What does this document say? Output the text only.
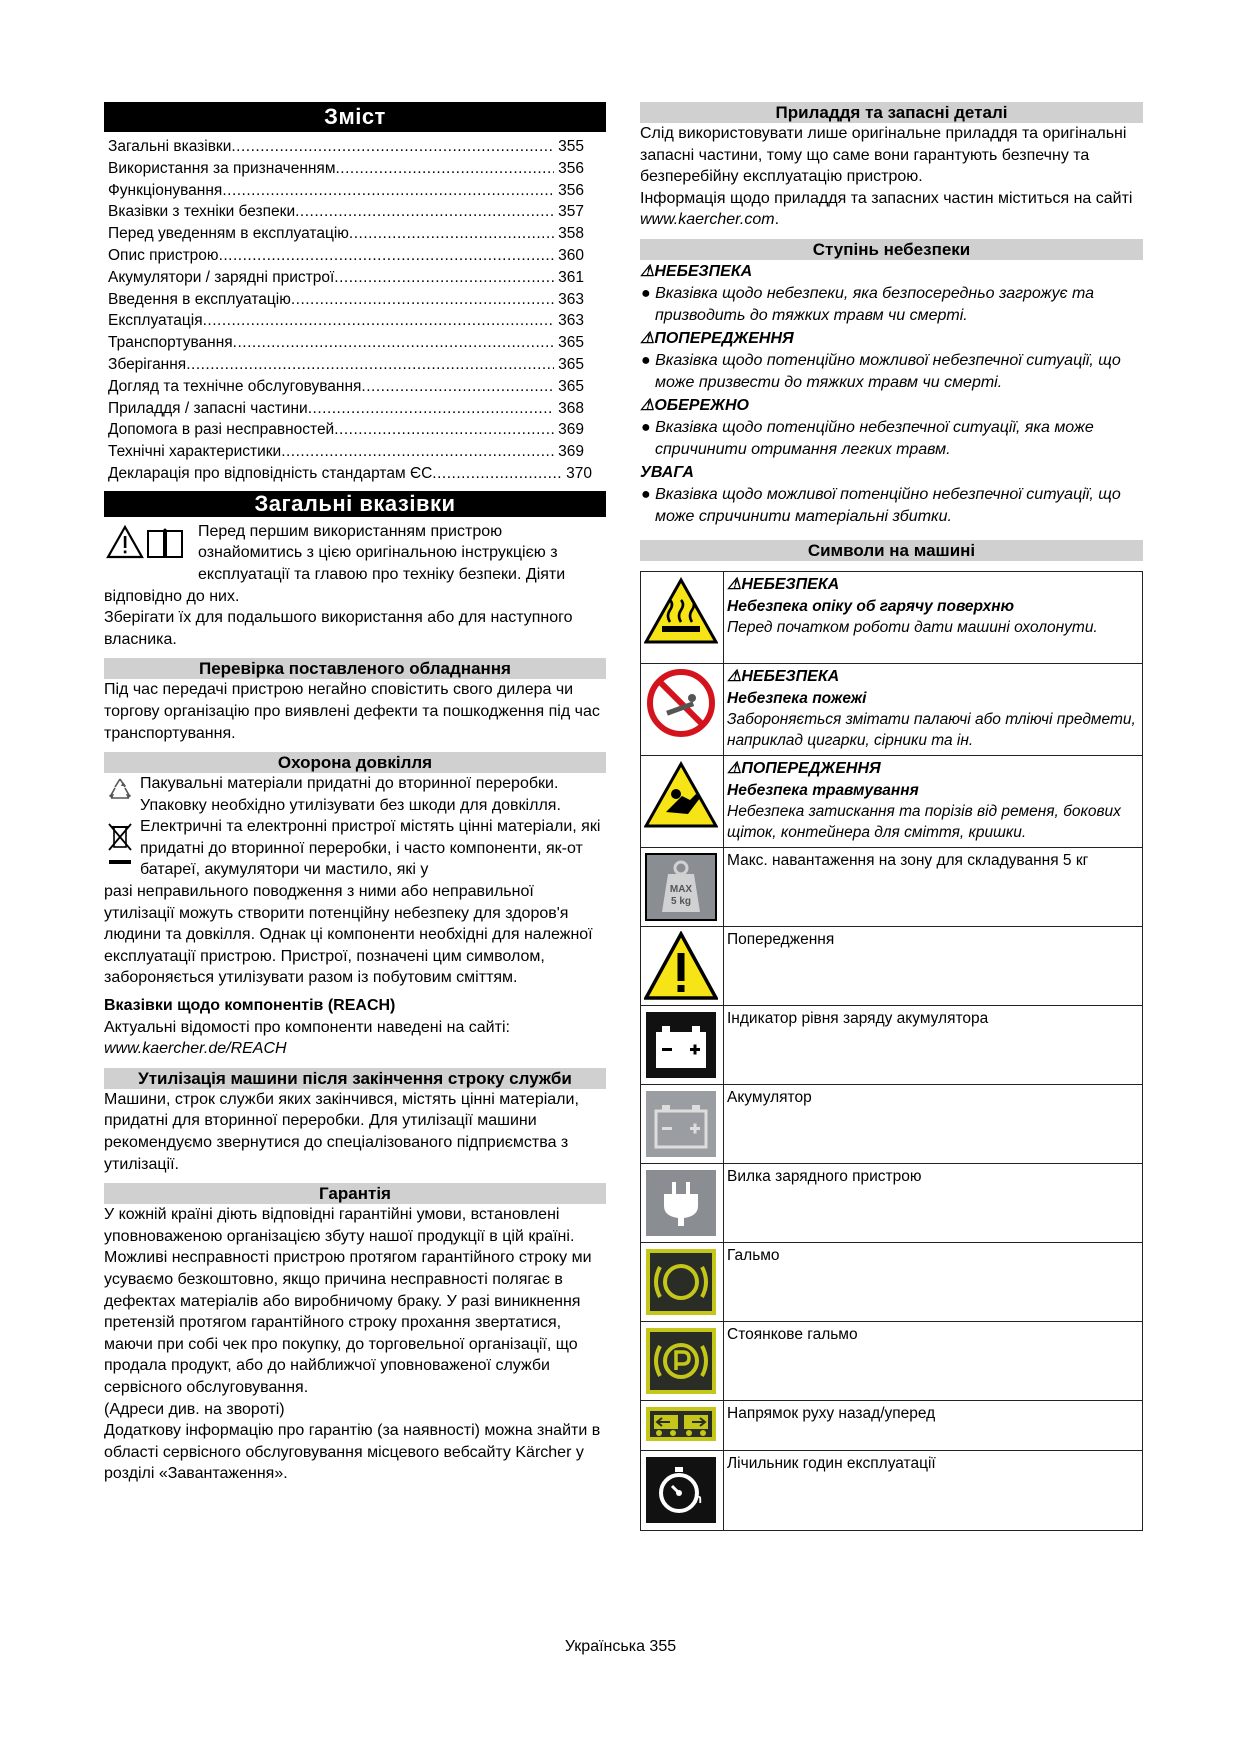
Зміст
Загальні вказівки .....	355
Використання за призначенням .....	356
Функціонування .....	356
Вказівки з техніки безпеки .....	357
Перед уведенням в експлуатацію .....	358
Опис пристрою .....	360
Акумулятори / зарядні пристрої .....	361
Введення в експлуатацію .....	363
Експлуатація .....	363
Транспортування .....	365
Зберігання .....	365
Догляд та технічне обслуговування .....	365
Приладдя / запасні частини .....	368
Допомога в разі несправностей .....	369
Технічні характеристики .....	369
Декларація про відповідність стандартам ЄС .....	370
Загальні вказівки

Перед першим використанням пристрою ознайомитись з цією оригінальною інструкцією з експлуатації та главою про техніку безпеки. Діяти

відповідно до них.

Зберігати їх для подальшого використання або для наступного власника.

Перевірка поставленого обладнання

Під час передачі пристрою негайно сповістить свого дилера чи торгову організацію про виявлені дефекти та пошкодження під час транспортування.

Охорона довкілля

Пакувальні матеріали придатні до вторинної переробки. Упаковку необхідно утилізувати без шкоди для довкілля.

Електричні та електронні пристрої містять цінні матеріали, які придатні до вторинної переробки, і часто компоненти, як-от батареї, акумулятори чи мастило, які у

разі неправильного поводження з ними або неправильної утилізації можуть створити потенційну небезпеку для здоров'я людини та довкілля. Однак ці компоненти необхідні для належної експлуатації пристрою. Пристрої, позначені цим символом, забороняється утилізувати разом із побутовим сміттям.

Вказівки щодо компонентів (REACH)

Актуальні відомості про компоненти наведені на сайті:

www.kaercher.de/REACH

Утилізація машини після закінчення строку служби

Машини, строк служби яких закінчився, містять цінні матеріали, придатні для вторинної переробки. Для утилізації машини рекомендуємо звернутися до спеціалізованого підприємства з утилізації.

Гарантія

У кожній країні діють відповідні гарантійні умови, встановлені уповноваженою організацією збуту нашої продукції в цій країні. Можливі несправності пристрою протягом гарантійного строку ми усуваємо безкоштовно, якщо причина несправності полягає в дефектах матеріалів або виробничому браку. У разі виникнення претензій протягом гарантійного строку прохання звертатися, маючи при собі чек про покупку, до торговельної організації, що продала продукт, або до найближчої уповноваженої служби сервісного обслуговування.

(Адреси див. на звороті)

Додаткову інформацію про гарантію (за наявності) можна знайти в області сервісного обслуговування місцевого вебсайту Kärcher у розділі «Завантаження».

Приладдя та запасні деталі

Слід використовувати лише оригінальне приладдя та оригінальні запасні частини, тому що саме вони гарантують безпечну та безперебійну експлуатацію пристрою.

Інформація щодо приладдя та запасних частин міститься на сайті www.kaercher.com.

Ступінь небезпеки
⚠НЕБЕЗПЕКА
● Вказівка щодо небезпеки, яка безпосередньо загрожує та призводить до тяжких травм чи смерті.
⚠ПОПЕРЕДЖЕННЯ
● Вказівка щодо потенційно можливої небезпечної ситуації, що може призвести до тяжких травм чи смерті.
⚠ОБЕРЕЖНО
● Вказівка щодо потенційно небезпечної ситуації, яка може спричинити отримання легких травм.
УВАГА
● Вказівка щодо можливої потенційно небезпечної ситуації, що може спричинити матеріальні збитки.
Символи на машині

⚠НЕБЕЗПЕКА
Небезпека опіку об гарячу поверхню
Перед початком роботи дати машині охолонути.

⚠НЕБЕЗПЕКА
Небезпека пожежі
Забороняється змітати палаючі або тліючі предмети, наприклад цигарки, сірники та ін.

⚠ПОПЕРЕДЖЕННЯ
Небезпека травмування
Небезпека затискання та порізів від ременя, бокових щіток, контейнера для сміття, кришки.

MAX
5 kg	Макс. навантаження на зону для складування 5 кг

	Попередження

	Індикатор рівня заряду акумулятора

	Акумулятор

	Вилка зарядного пристрою

	Гальмо

	Стоянкове гальмо

	Напрямок руху назад/уперед

h	Лічильник годин експлуатації
Українська 355
